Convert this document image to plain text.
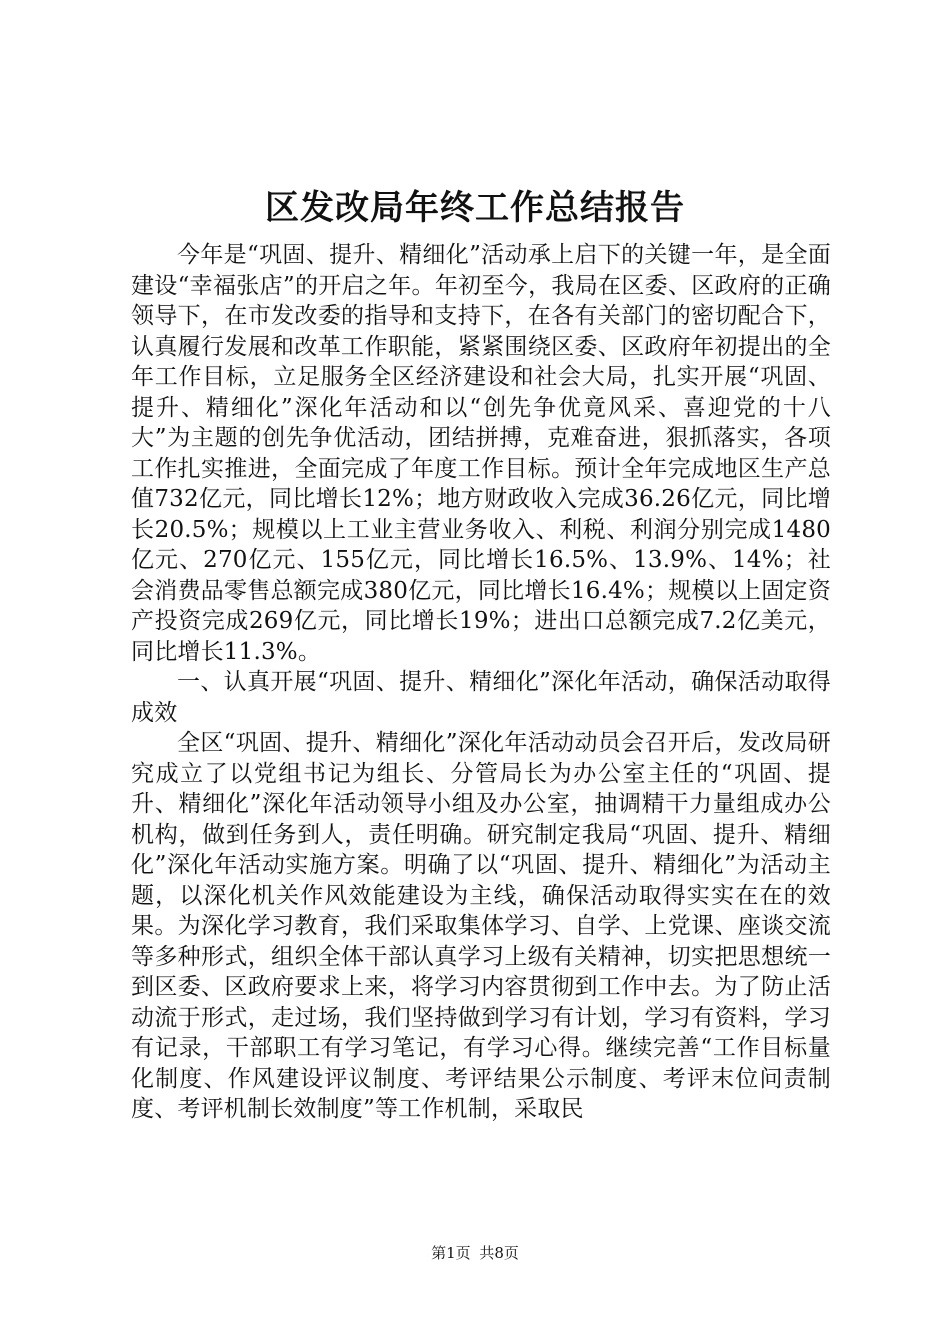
区发改局年终工作总结报告

今年是“巩固、提升、精细化”活动承上启下的关键一年，是全面建设“幸福张店”的开启之年。年初至今，我局在区委、区政府的正确领导下，在市发改委的指导和支持下，在各有关部门的密切配合下，认真履行发展和改革工作职能，紧紧围绕区委、区政府年初提出的全年工作目标，立足服务全区经济建设和社会大局，扎实开展“巩固、提升、精细化”深化年活动和以“创先争优竟风采、喜迎党的十八大”为主题的创先争优活动，团结拼搏，克难奋进，狠抓落实，各项工作扎实推进，全面完成了年度工作目标。预计全年完成地区生产总值732亿元，同比增长12%；地方财政收入完成36.26亿元，同比增长20.5%；规模以上工业主营业务收入、利税、利润分别完成1480亿元、270亿元、155亿元，同比增长16.5%、13.9%、14%；社会消费品零售总额完成380亿元，同比增长16.4%；规模以上固定资产投资完成269亿元，同比增长19%；进出口总额完成7.2亿美元，同比增长11.3%。

一、认真开展“巩固、提升、精细化”深化年活动，确保活动取得成效

全区“巩固、提升、精细化”深化年活动动员会召开后，发改局研究成立了以党组书记为组长、分管局长为办公室主任的“巩固、提升、精细化”深化年活动领导小组及办公室，抽调精干力量组成办公机构，做到任务到人，责任明确。研究制定我局“巩固、提升、精细化”深化年活动实施方案。明确了以“巩固、提升、精细化”为活动主题，以深化机关作风效能建设为主线，确保活动取得实实在在的效果。为深化学习教育，我们采取集体学习、自学、上党课、座谈交流等多种形式，组织全体干部认真学习上级有关精神，切实把思想统一到区委、区政府要求上来，将学习内容贯彻到工作中去。为了防止活动流于形式，走过场，我们坚持做到学习有计划，学习有资料，学习有记录，干部职工有学习笔记，有学习心得。继续完善“工作目标量化制度、作风建设评议制度、考评结果公示制度、考评末位问责制度、考评机制长效制度”等工作机制，采取民

第1页 共8页
